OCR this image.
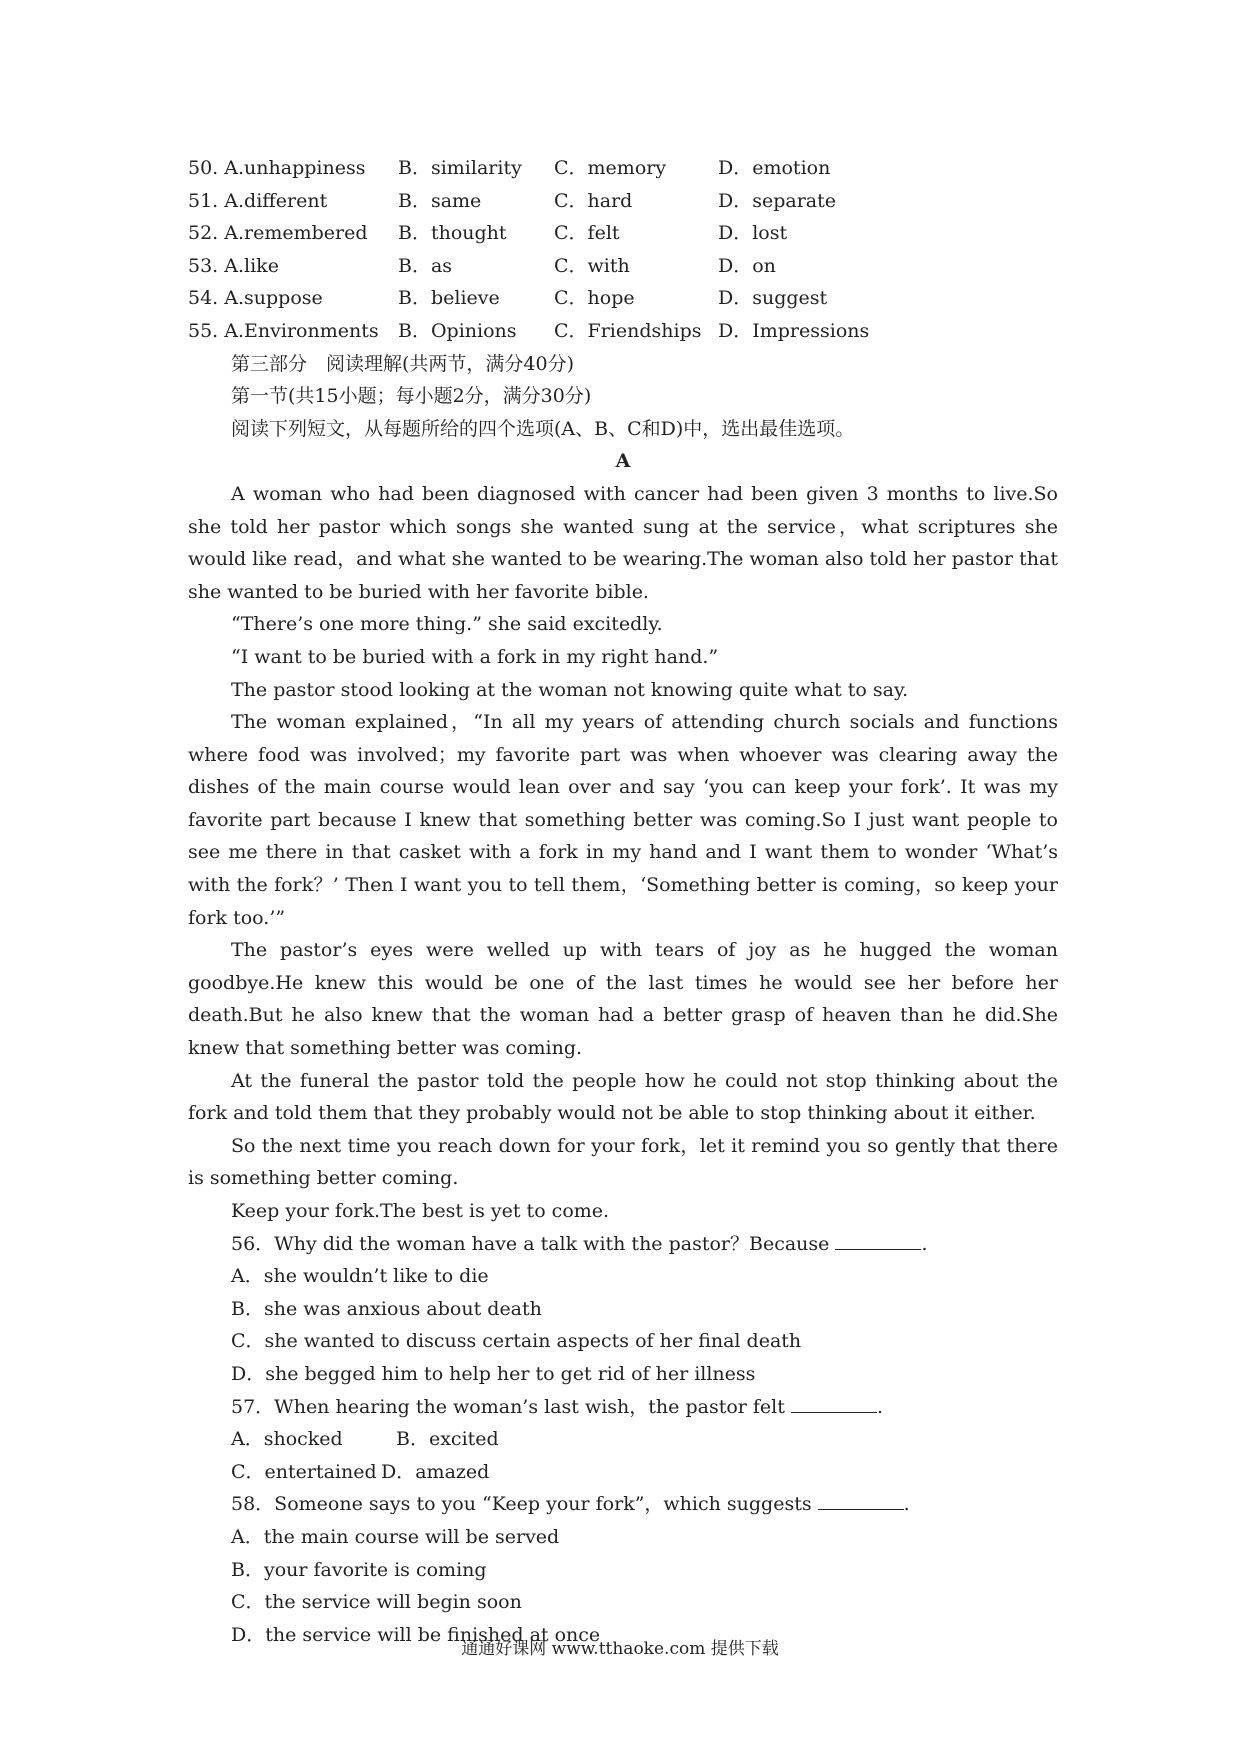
50. A.unhappiness B．similarity C．memory	D．emotion
51. A.different	B．same	C．hard	D．separate
52. A.remembered B．thought C．felt	D．lost
53. A.like	B．as	C．with	D．on
54. A.suppose	B．believe	C．hope	D．suggest
55. A.Environments B．Opinions C．Friendships D．Impressions
第三部分　阅读理解(共两节，满分40分)
第一节(共15小题；每小题2分，满分30分)
阅读下列短文，从每题所给的四个选项(A、B、C和D)中，选出最佳选项。
A
A woman who had been diagnosed with cancer had been given 3 months to live.So she told her pastor which songs she wanted sung at the service，what scriptures she would like read，and what she wanted to be wearing.The woman also told her pastor that she wanted to be buried with her favorite bible.
“There’s one more thing.” she said excitedly.
“I want to be buried with a fork in my right hand.”
The pastor stood looking at the woman not knowing quite what to say.
The woman explained，“In all my years of attending church socials and functions where food was involved；my favorite part was when whoever was clearing away the dishes of the main course would lean over and say ‘you can keep your fork’. It was my favorite part because I knew that something better was coming.So I just want people to see me there in that casket with a fork in my hand and I want them to wonder ‘What’s with the fork？’ Then I want you to tell them，‘Something better is coming，so keep your fork too.’”
The pastor’s eyes were welled up with tears of joy as he hugged the woman goodbye.He knew this would be one of the last times he would see her before her death.But he also knew that the woman had a better grasp of heaven than he did.She knew that something better was coming.
At the funeral the pastor told the people how he could not stop thinking about the fork and told them that they probably would not be able to stop thinking about it either.
So the next time you reach down for your fork，let it remind you so gently that there is something better coming.
Keep your fork.The best is yet to come.
56．Why did the woman have a talk with the pastor？Because	.
A．she wouldn’t like to die
B．she was anxious about death
C．she wanted to discuss certain aspects of her final death
D．she begged him to help her to get rid of her illness
57．When hearing the woman’s last wish，the pastor felt	.
A．shocked	B．excited
C．entertained D．amazed
58．Someone says to you “Keep your fork”，which suggests	.
A．the main course will be served
B．your favorite is coming
C．the service will begin soon
D．the service will be finished at once
通通好课网 www.tthaoke.com 提供下载
